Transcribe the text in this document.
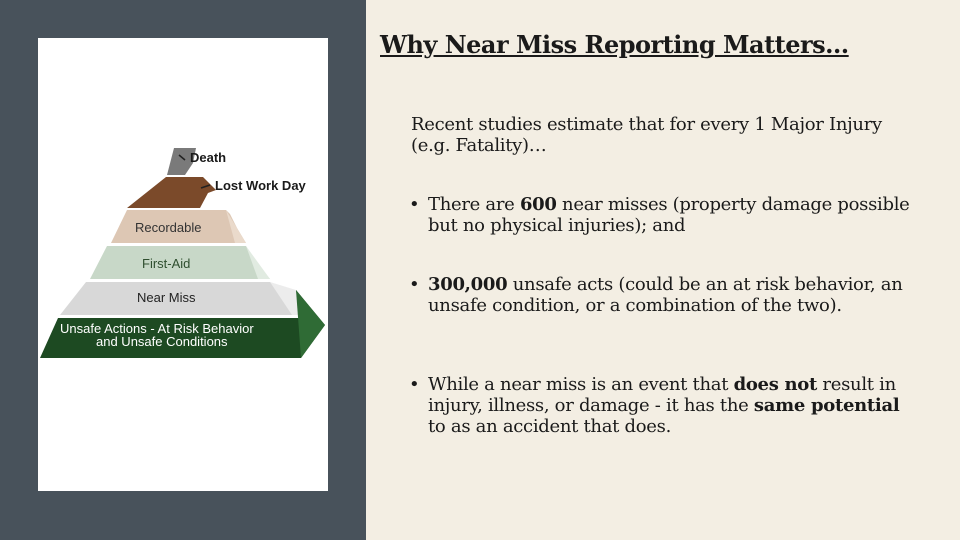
Death
Lost Work Day
Recordable
First-Aid
Near Miss
Unsafe Actions - At Risk Behavior
and Unsafe Conditions
Why Near Miss Reporting Matters…
Recent studies estimate that for every 1 Major Injury (e.g. Fatality)…
• There are 600 near misses (property damage possible but no physical injuries); and
• 300,000 unsafe acts (could be an at risk behavior, an unsafe condition, or a combination of the two).
• While a near miss is an event that does not result in injury, illness, or damage - it has the same potential to as an accident that does.
